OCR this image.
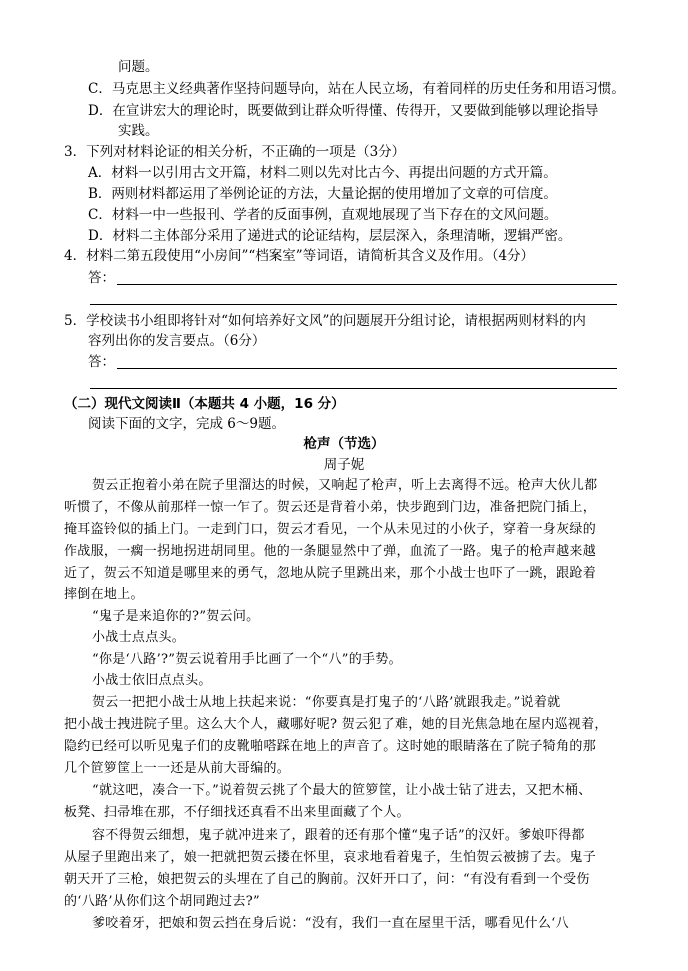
问题。
C．马克思主义经典著作坚持问题导向，站在人民立场，有着同样的历史任务和用语习惯。
D．在宣讲宏大的理论时，既要做到让群众听得懂、传得开，又要做到能够以理论指导
实践。
3．下列对材料论证的相关分析，不正确的一项是（3分）
A．材料一以引用古文开篇，材料二则以先对比古今、再提出问题的方式开篇。
B．两则材料都运用了举例论证的方法，大量论据的使用增加了文章的可信度。
C．材料一中一些报刊、学者的反面事例，直观地展现了当下存在的文风问题。
D．材料二主体部分采用了递进式的论证结构，层层深入，条理清晰，逻辑严密。
4．材料二第五段使用“小房间”“档案室”等词语，请简析其含义及作用。（4分）
答：
5．学校读书小组即将针对“如何培养好文风”的问题展开分组讨论，请根据两则材料的内
容列出你的发言要点。（6分）
答：
（二）现代文阅读Ⅱ（本题共 4 小题，16 分）
阅读下面的文字，完成 6～9题。
枪声（节选）
周子妮
贺云正抱着小弟在院子里溜达的时候，又响起了枪声，听上去离得不远。枪声大伙儿都
听惯了，不像从前那样一惊一乍了。贺云还是背着小弟，快步跑到门边，准备把院门插上，
掩耳盗铃似的插上门。一走到门口，贺云才看见，一个从未见过的小伙子，穿着一身灰绿的
作战服，一瘸一拐地拐进胡同里。他的一条腿显然中了弹，血流了一路。鬼子的枪声越来越
近了，贺云不知道是哪里来的勇气，忽地从院子里跳出来，那个小战士也吓了一跳，跟跄着
摔倒在地上。
“鬼子是来追你的?”贺云问。
小战士点点头。
“你是‘八路’?”贺云说着用手比画了一个“八”的手势。
小战士依旧点点头。
贺云一把把小战士从地上扶起来说：“你要真是打鬼子的‘八路’就跟我走。”说着就
把小战士拽进院子里。这么大个人，藏哪好呢? 贺云犯了难，她的目光焦急地在屋内巡视着，
隐约已经可以听见鬼子们的皮靴啪嗒踩在地上的声音了。这时她的眼睛落在了院子犄角的那
几个笸箩筐上一一还是从前大哥编的。
“就这吧，凑合一下。”说着贺云挑了个最大的笸箩筐，让小战士钻了进去，又把木桶、
板凳、扫帚堆在那，不仔细找还真看不出来里面藏了个人。
容不得贺云细想，鬼子就冲进来了，跟着的还有那个懂“鬼子话”的汉奸。爹娘吓得都
从屋子里跑出来了，娘一把就把贺云搂在怀里，哀求地看着鬼子，生怕贺云被掳了去。鬼子
朝天开了三枪，娘把贺云的头埋在了自己的胸前。汉奸开口了，问：“有没有看到一个受伤
的‘八路’从你们这个胡同跑过去?”
爹咬着牙，把娘和贺云挡在身后说：“没有，我们一直在屋里干活，哪看见什么‘八
